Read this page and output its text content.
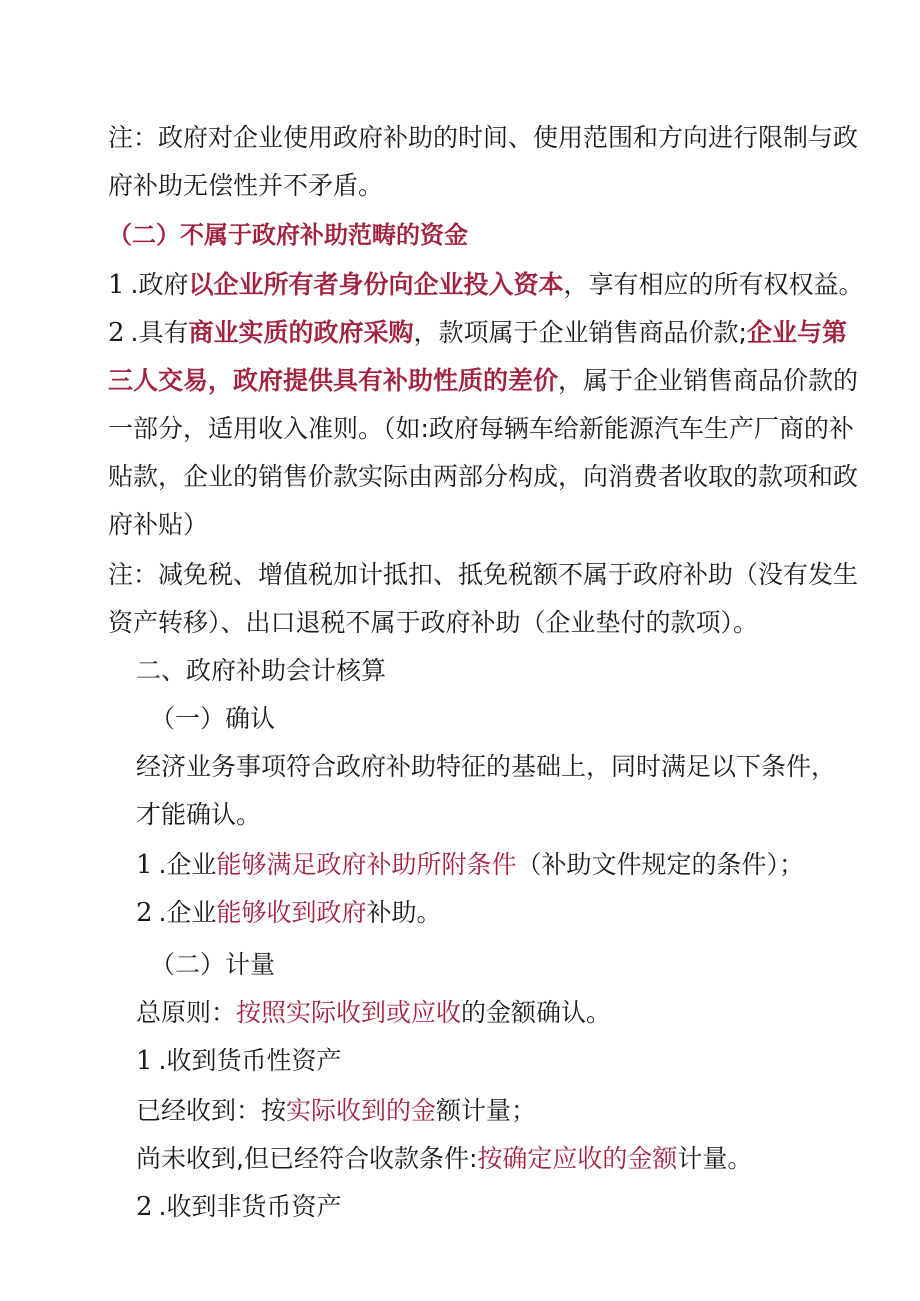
注：政府对企业使用政府补助的时间、使用范围和方向进行限制与政
府补助无偿性并不矛盾。
（二）不属于政府补助范畴的资金
1 .政府以企业所有者身份向企业投入资本，享有相应的所有权权益。
2 .具有商业实质的政府采购，款项属于企业销售商品价款;企业与第
三人交易，政府提供具有补助性质的差价，属于企业销售商品价款的
一部分，适用收入准则。（如:政府每辆车给新能源汽车生产厂商的补
贴款，企业的销售价款实际由两部分构成，向消费者收取的款项和政
府补贴）
注：减免税、增值税加计抵扣、抵免税额不属于政府补助（没有发生
资产转移）、出口退税不属于政府补助（企业垫付的款项）。
二、政府补助会计核算
（一）确认
经济业务事项符合政府补助特征的基础上，同时满足以下条件，
才能确认。
1 .企业能够满足政府补助所附条件（补助文件规定的条件）；
2 .企业能够收到政府补助。
（二）计量
总原则：按照实际收到或应收的金额确认。
1 .收到货币性资产
已经收到：按实际收到的金额计量；
尚未收到,但已经符合收款条件:按确定应收的金额计量。
2 .收到非货币资产
